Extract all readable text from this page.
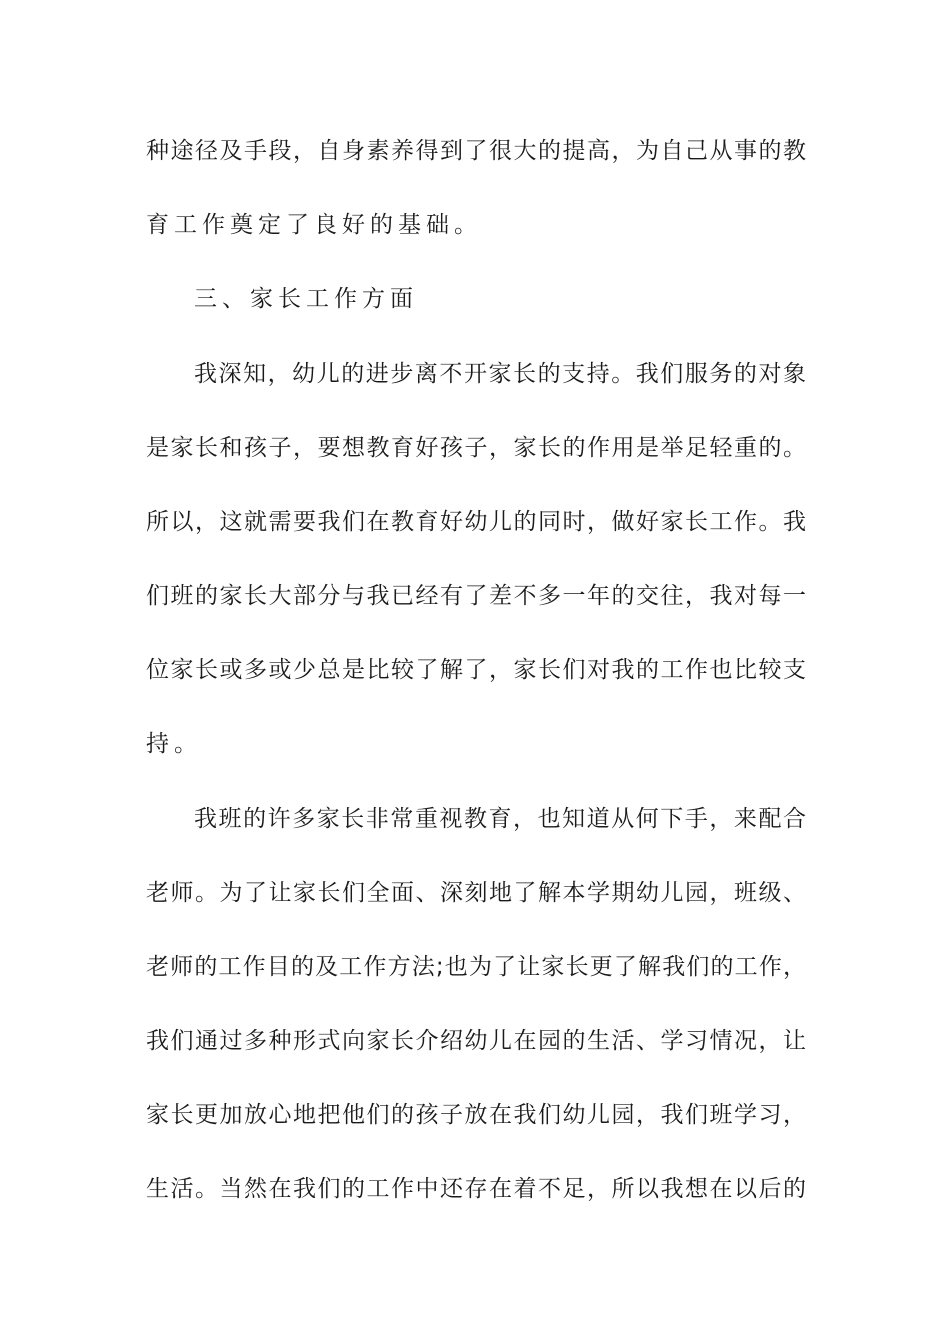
种途径及手段，自身素养得到了很大的提高，为自己从事的教
育工作奠定了良好的基础。
三、家长工作方面
我深知，幼儿的进步离不开家长的支持。我们服务的对象
是家长和孩子，要想教育好孩子，家长的作用是举足轻重的。
所以，这就需要我们在教育好幼儿的同时，做好家长工作。我
们班的家长大部分与我已经有了差不多一年的交往，我对每一
位家长或多或少总是比较了解了，家长们对我的工作也比较支
持。
我班的许多家长非常重视教育，也知道从何下手，来配合
老师。为了让家长们全面、深刻地了解本学期幼儿园，班级、
老师的工作目的及工作方法;也为了让家长更了解我们的工作，
我们通过多种形式向家长介绍幼儿在园的生活、学习情况，让
家长更加放心地把他们的孩子放在我们幼儿园，我们班学习，
生活。当然在我们的工作中还存在着不足，所以我想在以后的
